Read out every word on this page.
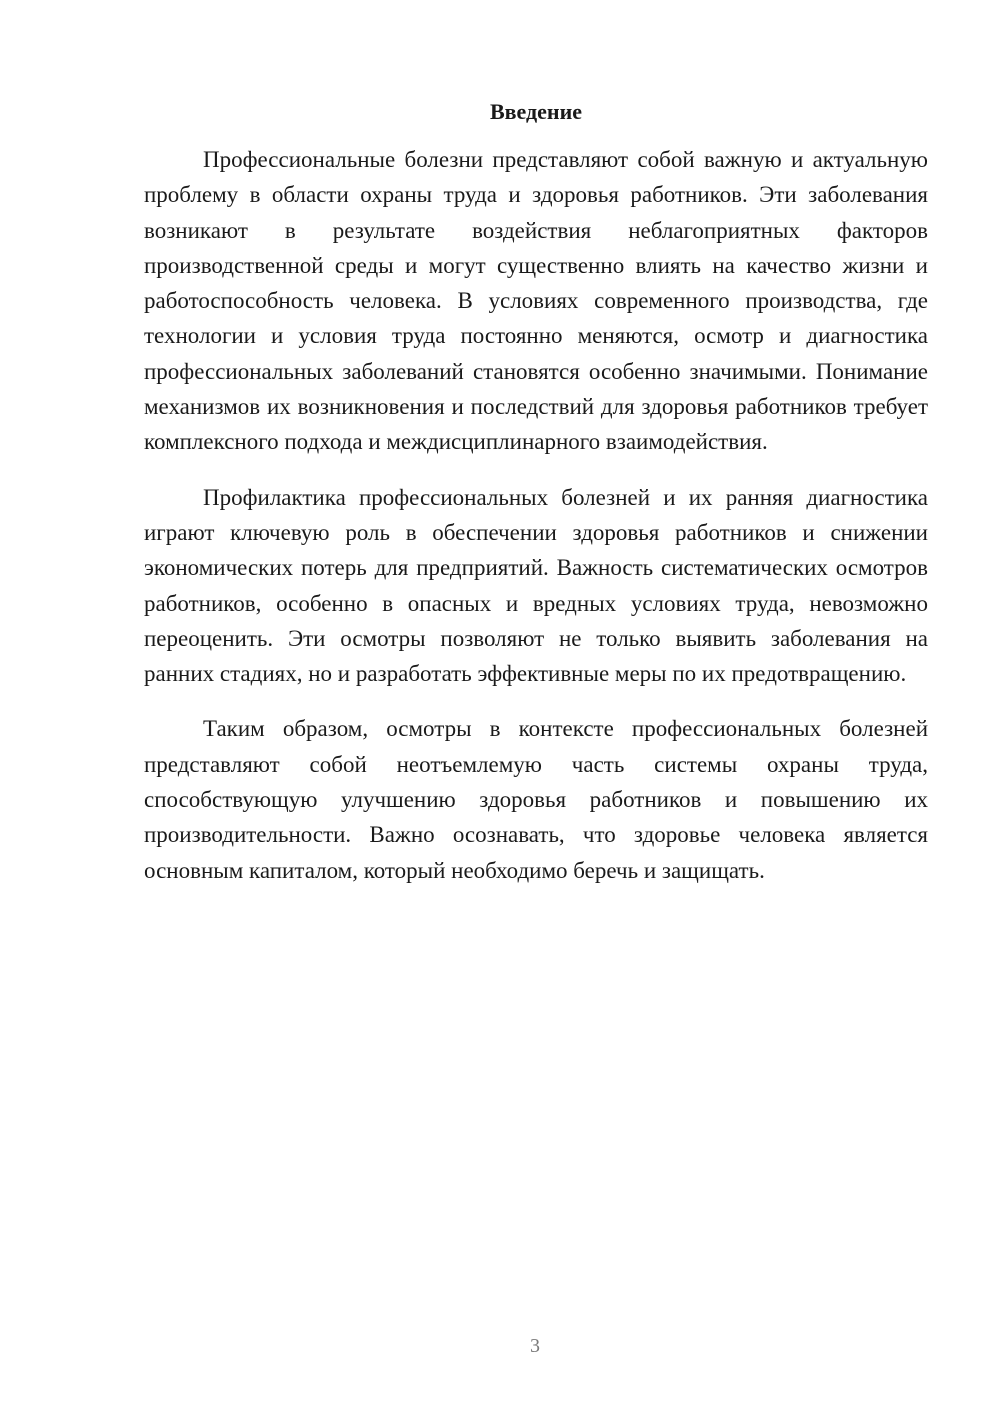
Введение

Профессиональные болезни представляют собой важную и актуальную проблему в области охраны труда и здоровья работников. Эти заболевания возникают в результате воздействия неблагоприятных факторов производственной среды и могут существенно влиять на качество жизни и работоспособность человека. В условиях современного производства, где технологии и условия труда постоянно меняются, осмотр и диагностика профессиональных заболеваний становятся особенно значимыми. Понимание механизмов их возникновения и последствий для здоровья работников требует комплексного подхода и междисциплинарного взаимодействия.

Профилактика профессиональных болезней и их ранняя диагностика играют ключевую роль в обеспечении здоровья работников и снижении экономических потерь для предприятий. Важность систематических осмотров работников, особенно в опасных и вредных условиях труда, невозможно переоценить. Эти осмотры позволяют не только выявить заболевания на ранних стадиях, но и разработать эффективные меры по их предотвращению.

Таким образом, осмотры в контексте профессиональных болезней представляют собой неотъемлемую часть системы охраны труда, способствующую улучшению здоровья работников и повышению их производительности. Важно осознавать, что здоровье человека является основным капиталом, который необходимо беречь и защищать.

3
